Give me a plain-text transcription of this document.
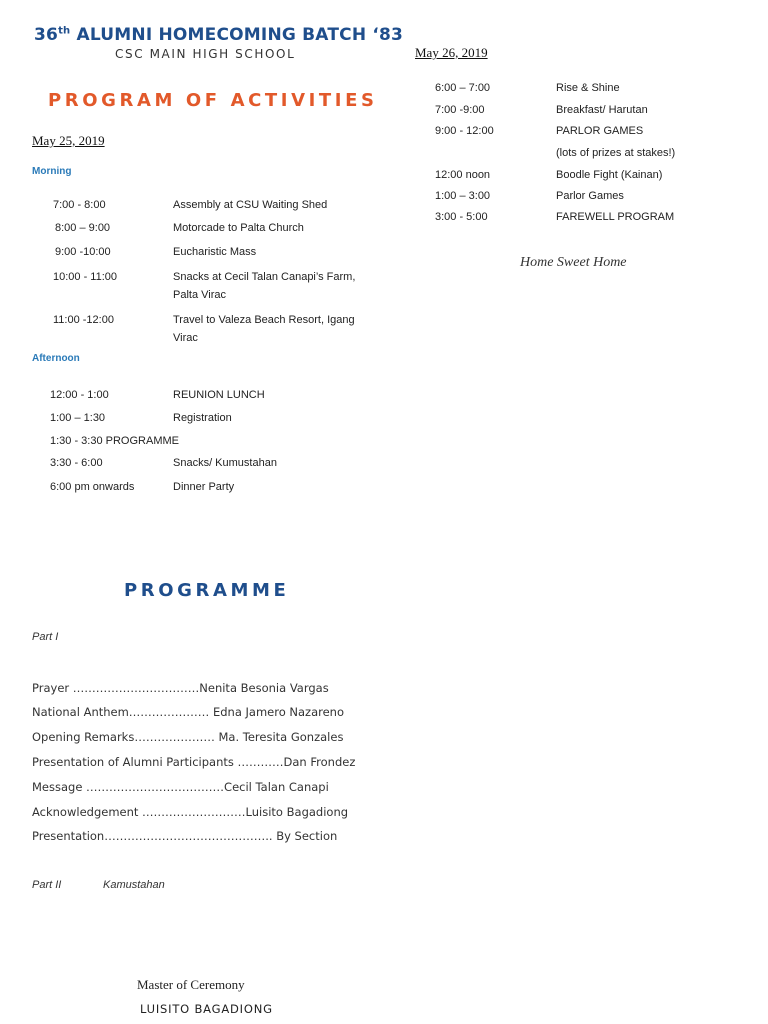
36th ALUMNI HOMECOMING BATCH ‘83
CSC MAIN HIGH SCHOOL
PROGRAM OF ACTIVITIES
May 25, 2019
Morning
7:00 - 8:00	Assembly at CSU Waiting Shed
8:00 – 9:00	Motorcade to Palta Church
9:00 -10:00	Eucharistic Mass
10:00 - 11:00	Snacks at Cecil Talan Canapi’s Farm, Palta Virac
11:00 -12:00	Travel to Valeza Beach Resort, Igang Virac
Afternoon
12:00 - 1:00	REUNION LUNCH
1:00 – 1:30	Registration
1:30 - 3:30 PROGRAMME
3:30 - 6:00	Snacks/ Kumustahan
6:00 pm onwards	Dinner Party
May 26, 2019
6:00 – 7:00	Rise & Shine
7:00 -9:00	Breakfast/ Harutan
9:00 - 12:00	PARLOR GAMES
(lots of prizes at stakes!)
12:00 noon	Boodle Fight (Kainan)
1:00 – 3:00	Parlor Games
3:00 - 5:00	FAREWELL PROGRAM
Home Sweet Home
PROGRAMME
Part I
Prayer ……………………………Nenita Besonia Vargas
National Anthem………………… Edna Jamero Nazareno
Opening Remarks………………… Ma. Teresita Gonzales
Presentation of Alumni Participants …………Dan Frondez
Message ………………………………Cecil Talan Canapi
Acknowledgement ………………………Luisito Bagadiong
Presentation…………………………………….. By Section
Part II	Kamustahan
Master of Ceremony
LUISITO BAGADIONG
